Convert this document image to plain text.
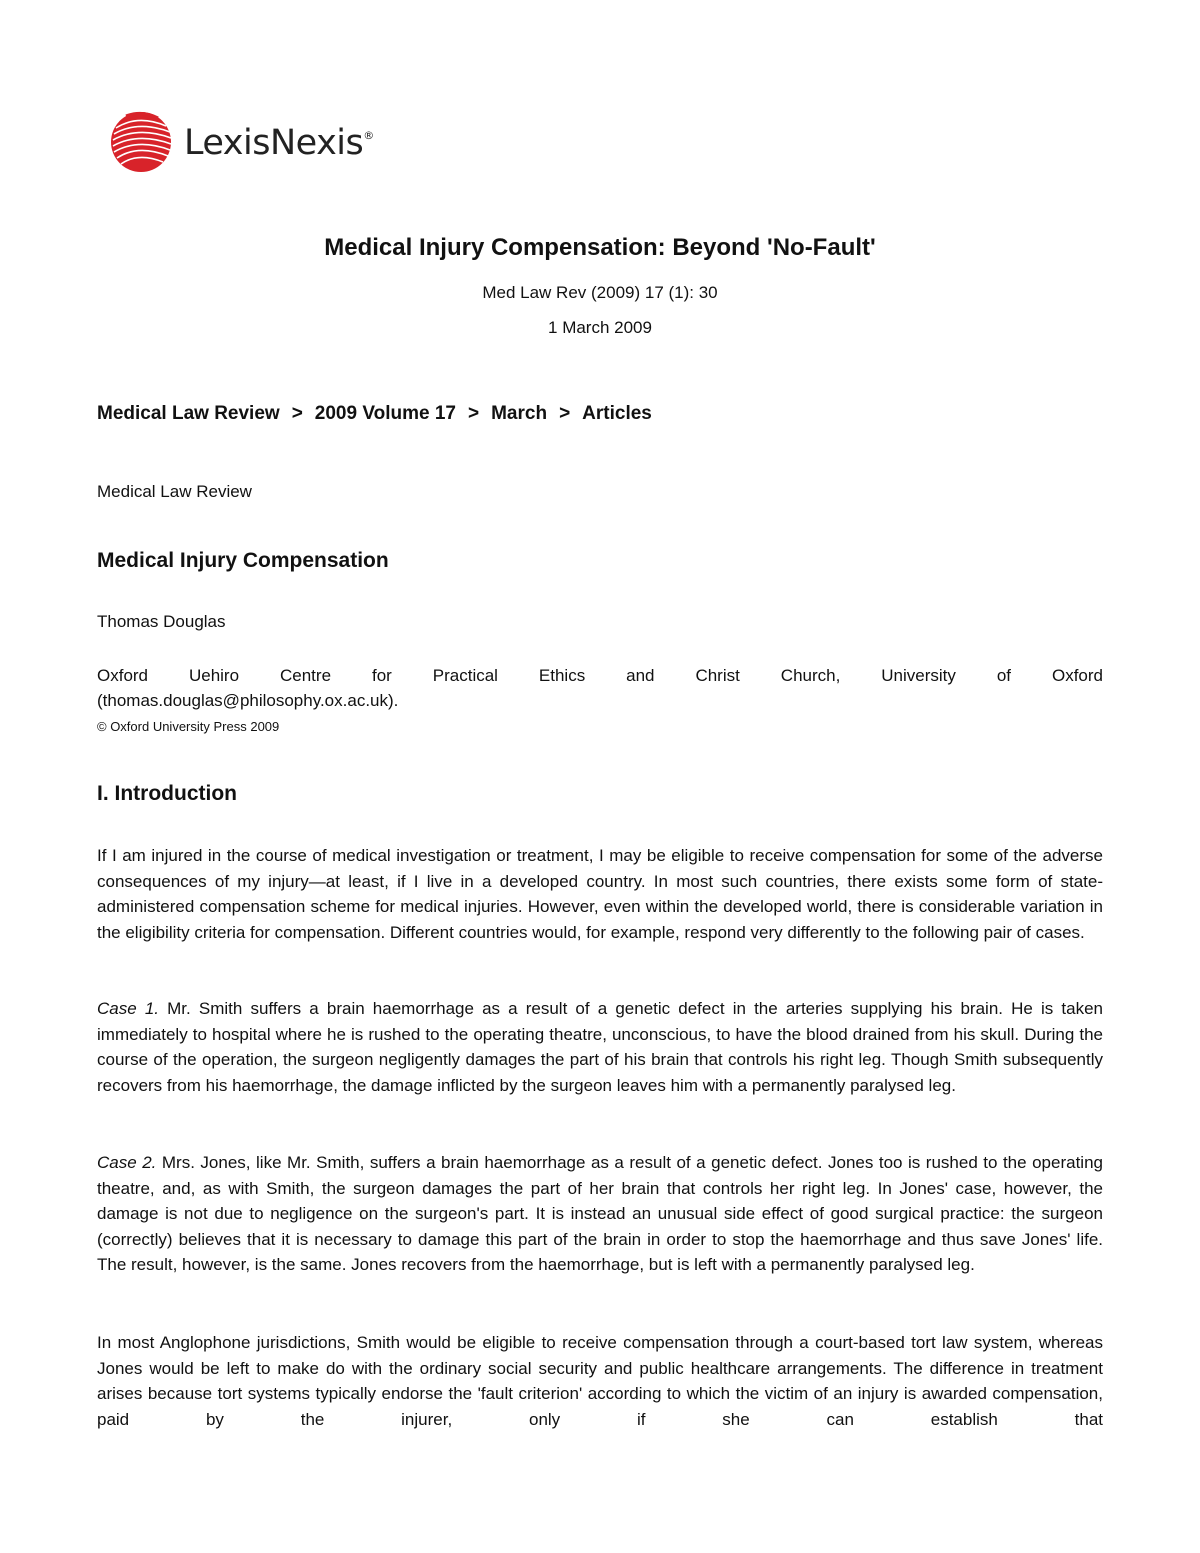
LexisNexis®
Medical Injury Compensation: Beyond 'No-Fault'
Med Law Rev (2009) 17 (1): 30
1 March 2009
Medical Law Review > 2009 Volume 17 > March > Articles
Medical Law Review
Medical Injury Compensation
Thomas Douglas
Oxford Uehiro Centre for Practical Ethics and Christ Church, University of Oxford
(thomas.douglas@philosophy.ox.ac.uk).
© Oxford University Press 2009
I. Introduction

If I am injured in the course of medical investigation or treatment, I may be eligible to receive compensation for some of the adverse consequences of my injury—at least, if I live in a developed country. In most such countries, there exists some form of state-administered compensation scheme for medical injuries. However, even within the developed world, there is considerable variation in the eligibility criteria for compensation. Different countries would, for example, respond very differently to the following pair of cases.

Case 1. Mr. Smith suffers a brain haemorrhage as a result of a genetic defect in the arteries supplying his brain. He is taken immediately to hospital where he is rushed to the operating theatre, unconscious, to have the blood drained from his skull. During the course of the operation, the surgeon negligently damages the part of his brain that controls his right leg. Though Smith subsequently recovers from his haemorrhage, the damage inflicted by the surgeon leaves him with a permanently paralysed leg.

Case 2. Mrs. Jones, like Mr. Smith, suffers a brain haemorrhage as a result of a genetic defect. Jones too is rushed to the operating theatre, and, as with Smith, the surgeon damages the part of her brain that controls her right leg. In Jones' case, however, the damage is not due to negligence on the surgeon's part. It is instead an unusual side effect of good surgical practice: the surgeon (correctly) believes that it is necessary to damage this part of the brain in order to stop the haemorrhage and thus save Jones' life. The result, however, is the same. Jones recovers from the haemorrhage, but is left with a permanently paralysed leg.

In most Anglophone jurisdictions, Smith would be eligible to receive compensation through a court-based tort law system, whereas Jones would be left to make do with the ordinary social security and public healthcare arrangements. The difference in treatment arises because tort systems typically endorse the 'fault criterion' according to which the victim of an injury is awarded compensation, paid by the injurer, only if she can establish that
